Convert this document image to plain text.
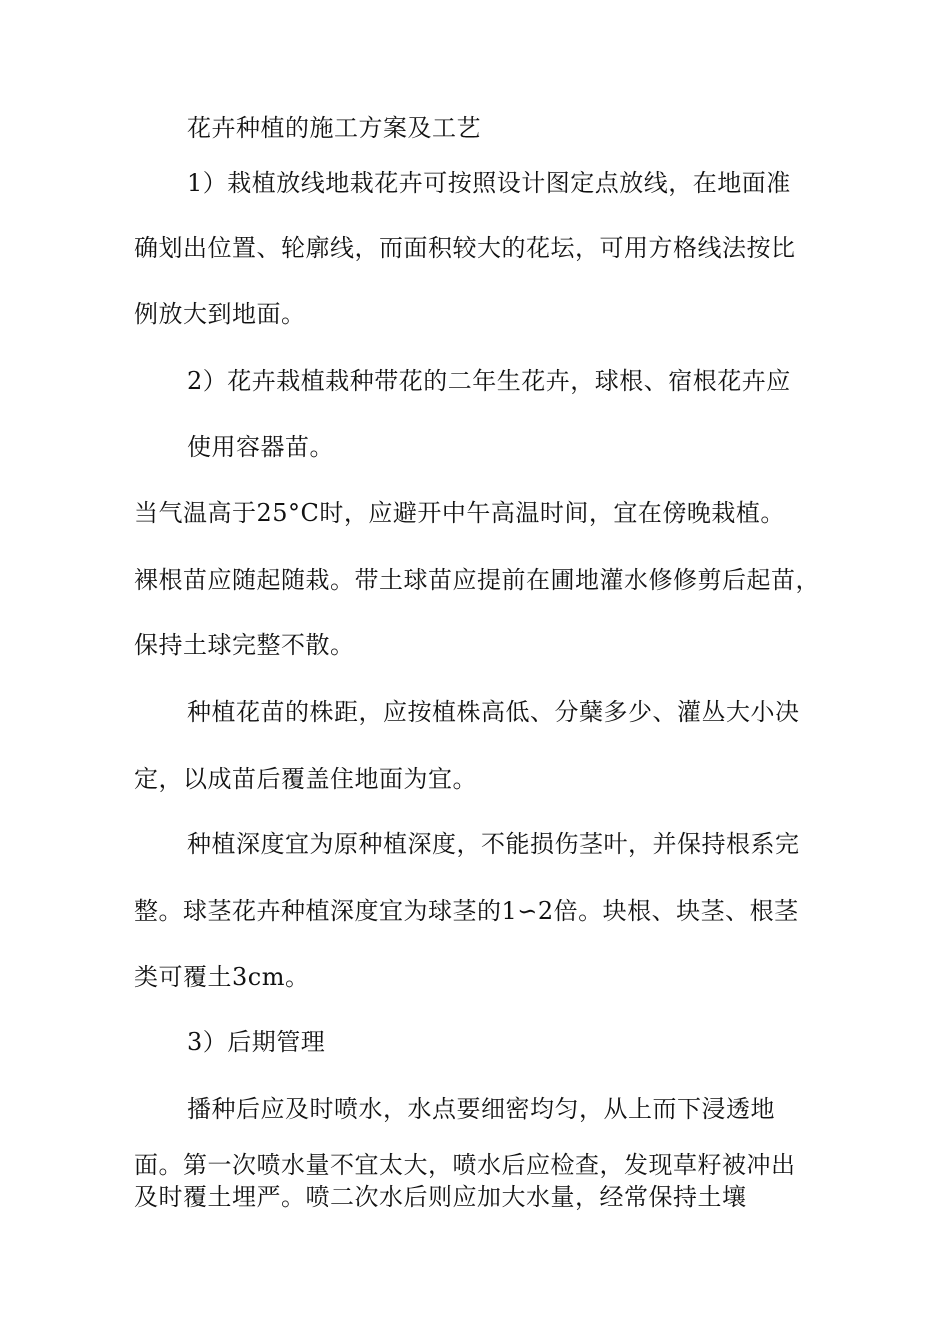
花卉种植的施工方案及工艺

1）栽植放线地栽花卉可按照设计图定点放线，在地面准

确划出位置、轮廓线，而面积较大的花坛，可用方格线法按比

例放大到地面。

2）花卉栽植栽种带花的二年生花卉，球根、宿根花卉应

使用容器苗。

当气温高于25°C时，应避开中午高温时间，宜在傍晚栽植。

裸根苗应随起随栽。带土球苗应提前在圃地灌水修修剪后起苗，

保持土球完整不散。

种植花苗的株距，应按植株高低、分蘖多少、灌丛大小决

定，以成苗后覆盖住地面为宜。

种植深度宜为原种植深度，不能损伤茎叶，并保持根系完

整。球茎花卉种植深度宜为球茎的1∽2倍。块根、块茎、根茎

类可覆土3cm。

3）后期管理

播种后应及时喷水，水点要细密均匀，从上而下浸透地

面。第一次喷水量不宜太大，喷水后应检查，发现草籽被冲出

及时覆土埋严。喷二次水后则应加大水量，经常保持土壤
